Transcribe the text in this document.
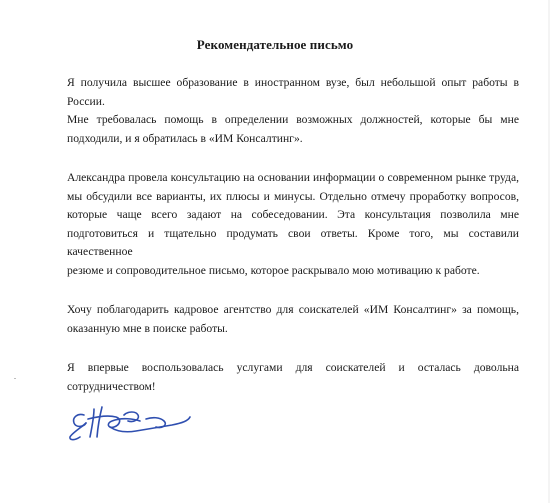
Рекомендательное письмо
Я получила высшее образование в иностранном вузе, был небольшой опыт работы в России.
Мне требовалась помощь в определении возможных должностей, которые бы мне
подходили, и я обратилась в «ИМ Консалтинг».
Александра провела консультацию на основании информации о современном рынке труда,
мы обсудили все варианты, их плюсы и минусы. Отдельно отмечу проработку вопросов,
которые чаще всего задают на собеседовании. Эта консультация позволила мне
подготовиться и тщательно продумать свои ответы. Кроме того, мы составили качественное
резюме и сопроводительное письмо, которое раскрывало мою мотивацию к работе.
Хочу поблагодарить кадровое агентство для соискателей «ИМ Консалтинг» за помощь,
оказанную мне в поиске работы.
Я впервые воспользовалась услугами для соискателей и осталась довольна
сотрудничеством!
